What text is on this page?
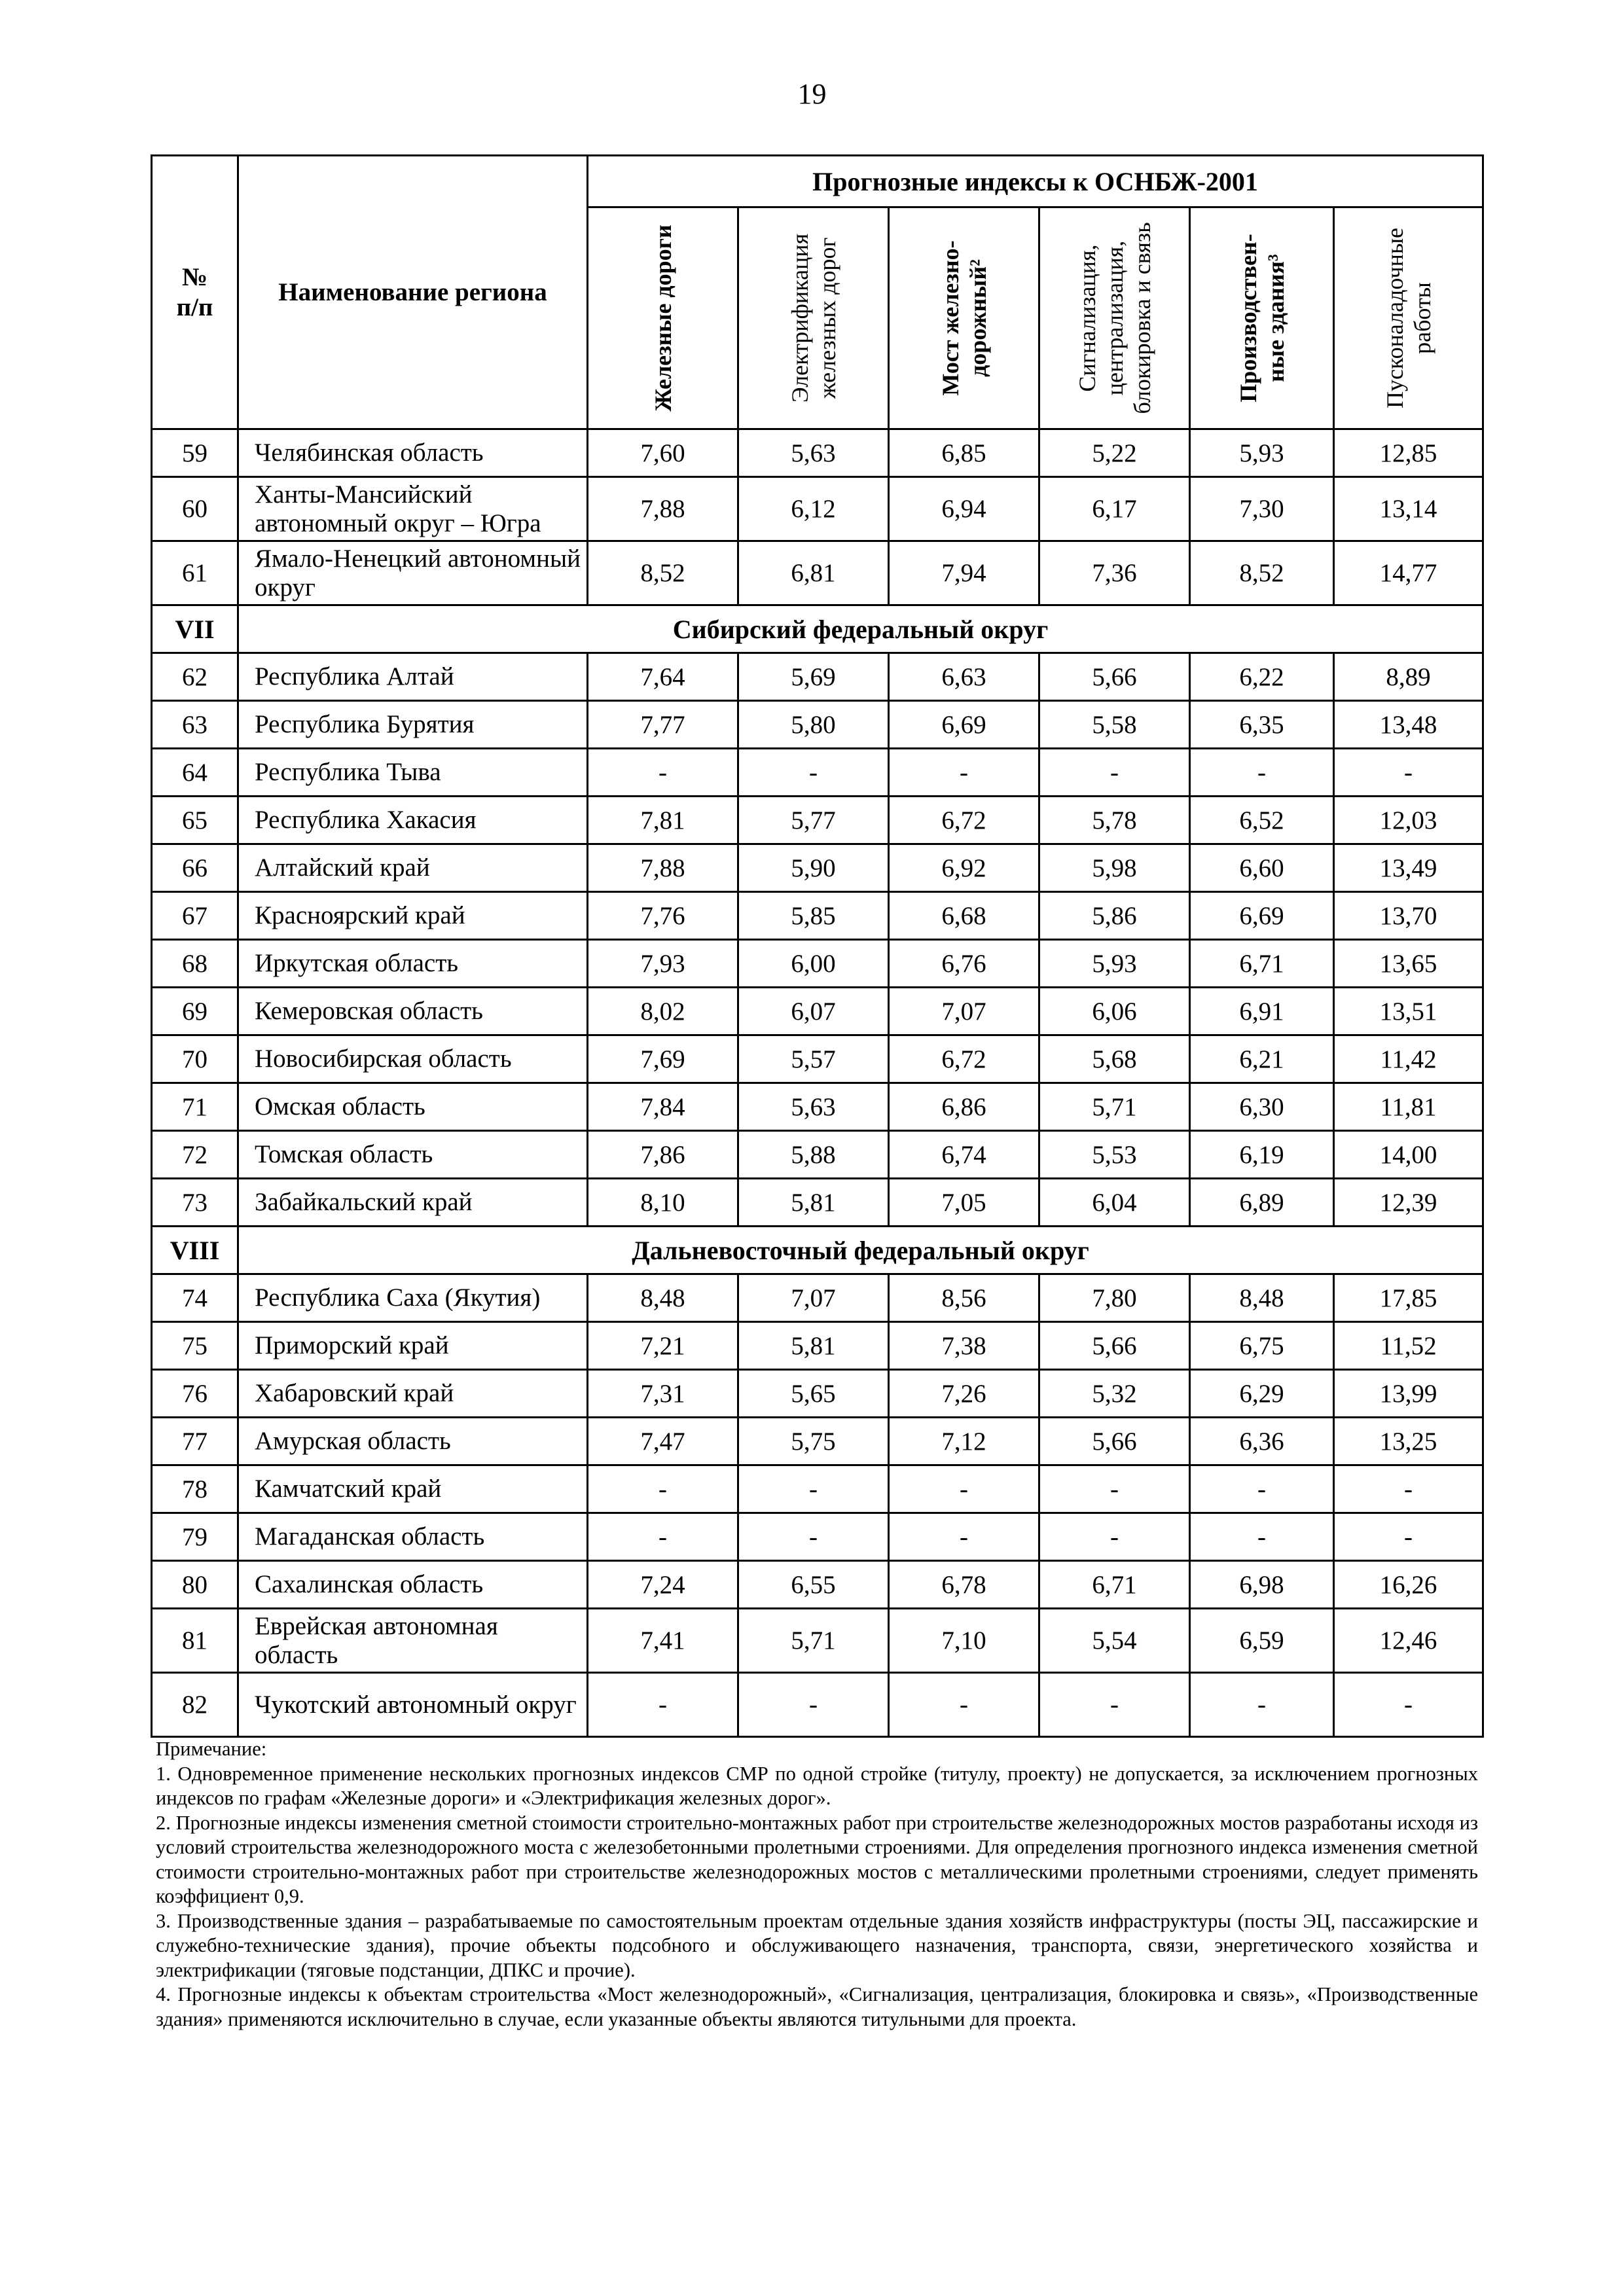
19
№
п/п	Наименование региона	Прогнозные индексы к ОСНБЖ-2001					

		Железные дороги	Электрификация железных дорог	Мост железно-дорожный²	Сигнализация, централизация, блокировка и связь	Производствен-ные здания³	Пусконаладочные работы

59	Челябинская область	7,60	5,63	6,85	5,22	5,93	12,85
60	Ханты-Мансийский автономный округ – Югра	7,88	6,12	6,94	6,17	7,30	13,14
61	Ямало-Ненецкий автономный округ	8,52	6,81	7,94	7,36	8,52	14,77
VII	Сибирский федеральный округ						
62	Республика Алтай	7,64	5,69	6,63	5,66	6,22	8,89
63	Республика Бурятия	7,77	5,80	6,69	5,58	6,35	13,48
64	Республика Тыва	-	-	-	-	-	-
65	Республика Хакасия	7,81	5,77	6,72	5,78	6,52	12,03
66	Алтайский край	7,88	5,90	6,92	5,98	6,60	13,49
67	Красноярский край	7,76	5,85	6,68	5,86	6,69	13,70
68	Иркутская область	7,93	6,00	6,76	5,93	6,71	13,65
69	Кемеровская область	8,02	6,07	7,07	6,06	6,91	13,51
70	Новосибирская область	7,69	5,57	6,72	5,68	6,21	11,42
71	Омская область	7,84	5,63	6,86	5,71	6,30	11,81
72	Томская область	7,86	5,88	6,74	5,53	6,19	14,00
73	Забайкальский край	8,10	5,81	7,05	6,04	6,89	12,39
VIII	Дальневосточный федеральный округ						
74	Республика Саха (Якутия)	8,48	7,07	8,56	7,80	8,48	17,85
75	Приморский край	7,21	5,81	7,38	5,66	6,75	11,52
76	Хабаровский край	7,31	5,65	7,26	5,32	6,29	13,99
77	Амурская область	7,47	5,75	7,12	5,66	6,36	13,25
78	Камчатский край	-	-	-	-	-	-
79	Магаданская область	-	-	-	-	-	-
80	Сахалинская область	7,24	6,55	6,78	6,71	6,98	16,26
81	Еврейская автономная область	7,41	5,71	7,10	5,54	6,59	12,46
82	Чукотский автономный округ	-	-	-	-	-	-

Примечание:

1. Одновременное применение нескольких прогнозных индексов СМР по одной стройке (титулу, проекту) не допускается, за исключением прогнозных индексов по графам «Железные дороги» и «Электрификация железных дорог».

2. Прогнозные индексы изменения сметной стоимости строительно-монтажных работ при строительстве железнодорожных мостов разработаны исходя из условий строительства железнодорожного моста с железобетонными пролетными строениями. Для определения прогнозного индекса изменения сметной стоимости строительно-монтажных работ при строительстве железнодорожных мостов с металлическими пролетными строениями, следует применять коэффициент 0,9.

3. Производственные здания – разрабатываемые по самостоятельным проектам отдельные здания хозяйств инфраструктуры (посты ЭЦ, пассажирские и служебно-технические здания), прочие объекты подсобного и обслуживающего назначения, транспорта, связи, энергетического хозяйства и электрификации (тяговые подстанции, ДПКС и прочие).

4. Прогнозные индексы к объектам строительства «Мост железнодорожный», «Сигнализация, централизация, блокировка и связь», «Производственные здания» применяются исключительно в случае, если указанные объекты являются титульными для проекта.
